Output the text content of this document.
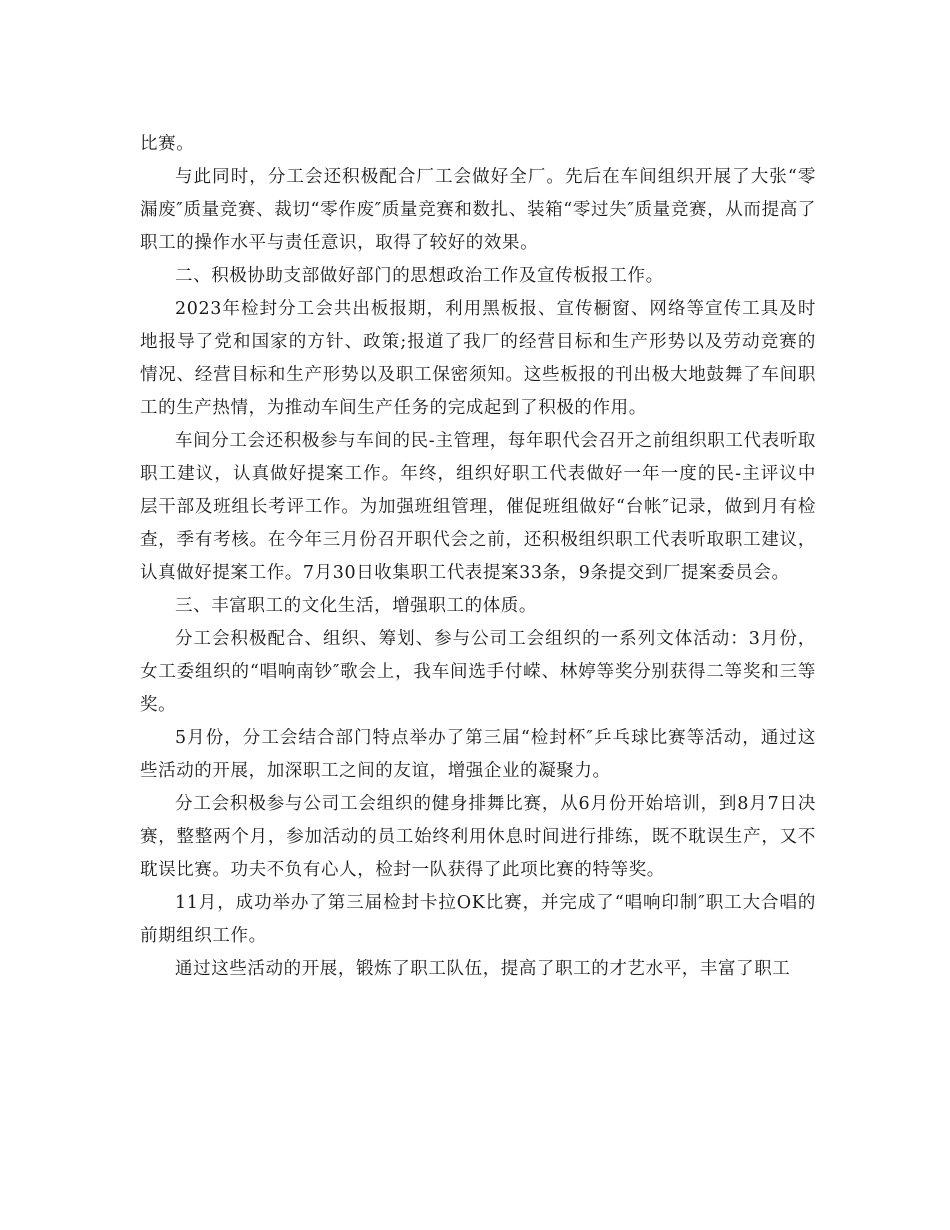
比赛。

与此同时，分工会还积极配合厂工会做好全厂。先后在车间组织开展了大张“零漏废″质量竞赛、裁切“零作废″质量竞赛和数扎、装箱“零过失″质量竞赛，从而提高了职工的操作水平与责任意识，取得了较好的效果。

二、积极协助支部做好部门的思想政治工作及宣传板报工作。

2023年检封分工会共出板报期，利用黑板报、宣传橱窗、网络等宣传工具及时地报导了党和国家的方针、政策;报道了我厂的经营目标和生产形势以及劳动竞赛的情况、经营目标和生产形势以及职工保密须知。这些板报的刊出极大地鼓舞了车间职工的生产热情，为推动车间生产任务的完成起到了积极的作用。

车间分工会还积极参与车间的民-主管理，每年职代会召开之前组织职工代表听取职工建议，认真做好提案工作。年终，组织好职工代表做好一年一度的民-主评议中层干部及班组长考评工作。为加强班组管理，催促班组做好“台帐″记录，做到月有检查，季有考核。在今年三月份召开职代会之前，还积极组织职工代表听取职工建议，认真做好提案工作。7月30日收集职工代表提案33条，9条提交到厂提案委员会。

三、丰富职工的文化生活，增强职工的体质。

分工会积极配合、组织、筹划、参与公司工会组织的一系列文体活动：3月份，女工委组织的“唱响南钞″歌会上，我车间选手付嵘、林婷等奖分别获得二等奖和三等奖。

5月份，分工会结合部门特点举办了第三届“检封杯″乒乓球比赛等活动，通过这些活动的开展，加深职工之间的友谊，增强企业的凝聚力。

分工会积极参与公司工会组织的健身排舞比赛，从6月份开始培训，到8月7日决赛，整整两个月，参加活动的员工始终利用休息时间进行排练，既不耽误生产，又不耽误比赛。功夫不负有心人，检封一队获得了此项比赛的特等奖。

11月，成功举办了第三届检封卡拉OK比赛，并完成了“唱响印制″职工大合唱的前期组织工作。

通过这些活动的开展，锻炼了职工队伍，提高了职工的才艺水平，丰富了职工
